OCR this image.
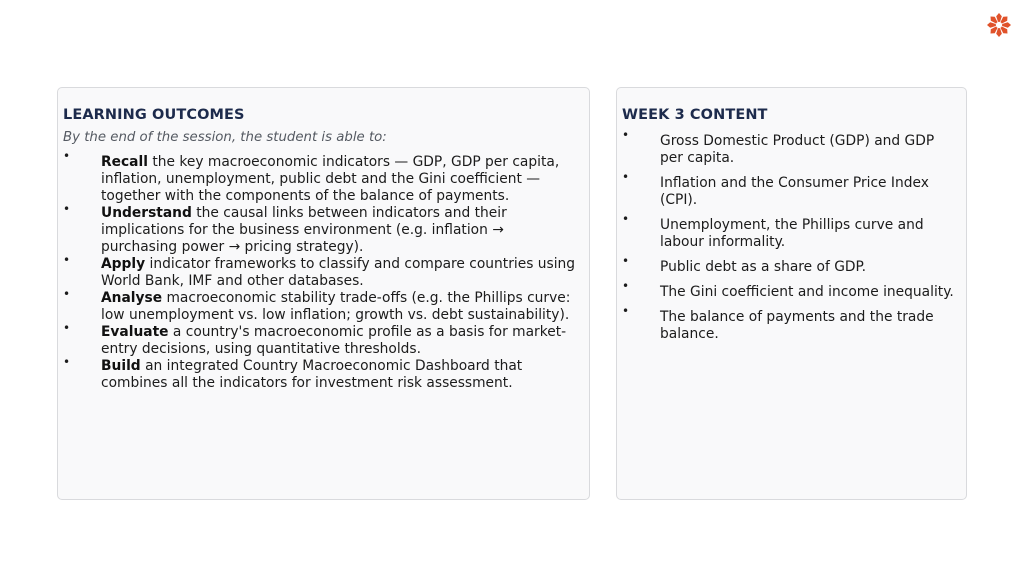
LEARNING OUTCOMES

By the end of the session, the student is able to:

• Recall the key macroeconomic indicators — GDP, GDP per capita, inflation, unemployment, public debt and the Gini coefficient — together with the components of the balance of payments.
• Understand the causal links between indicators and their implications for the business environment (e.g. inflation → purchasing power → pricing strategy).
• Apply indicator frameworks to classify and compare countries using World Bank, IMF and other databases.
• Analyse macroeconomic stability trade-offs (e.g. the Phillips curve: low unemployment vs. low inflation; growth vs. debt sustainability).
• Evaluate a country's macroeconomic profile as a basis for market-entry decisions, using quantitative thresholds.
• Build an integrated Country Macroeconomic Dashboard that combines all the indicators for investment risk assessment.
WEEK 3 CONTENT
• Gross Domestic Product (GDP) and GDP per capita.
• Inflation and the Consumer Price Index (CPI).
• Unemployment, the Phillips curve and labour informality.
• Public debt as a share of GDP.
• The Gini coefficient and income inequality.
• The balance of payments and the trade balance.
